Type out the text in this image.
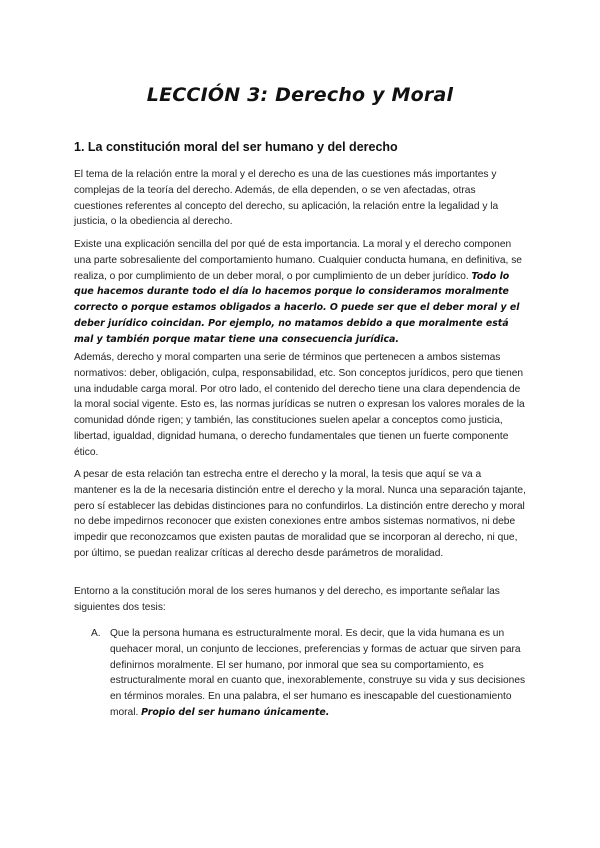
LECCIÓN 3: Derecho y Moral
1. La constitución moral del ser humano y del derecho

El tema de la relación entre la moral y el derecho es una de las cuestiones más importantes y complejas de la teoría del derecho. Además, de ella dependen, o se ven afectadas, otras cuestiones referentes al concepto del derecho, su aplicación, la relación entre la legalidad y la justicia, o la obediencia al derecho.

Existe una explicación sencilla del por qué de esta importancia. La moral y el derecho componen una parte sobresaliente del comportamiento humano. Cualquier conducta humana, en definitiva, se realiza, o por cumplimiento de un deber moral, o por cumplimiento de un deber jurídico. Todo lo que hacemos durante todo el día lo hacemos porque lo consideramos moralmente correcto o porque estamos obligados a hacerlo. O puede ser que el deber moral y el deber jurídico coincidan. Por ejemplo, no matamos debido a que moralmente está mal y también porque matar tiene una consecuencia jurídica.

Además, derecho y moral comparten una serie de términos que pertenecen a ambos sistemas normativos: deber, obligación, culpa, responsabilidad, etc. Son conceptos jurídicos, pero que tienen una indudable carga moral. Por otro lado, el contenido del derecho tiene una clara dependencia de la moral social vigente. Esto es, las normas jurídicas se nutren o expresan los valores morales de la comunidad dónde rigen; y también, las constituciones suelen apelar a conceptos como justicia, libertad, igualdad, dignidad humana, o derecho fundamentales que tienen un fuerte componente ético.

A pesar de esta relación tan estrecha entre el derecho y la moral, la tesis que aquí se va a mantener es la de la necesaria distinción entre el derecho y la moral. Nunca una separación tajante, pero sí establecer las debidas distinciones para no confundirlos. La distinción entre derecho y moral no debe impedirnos reconocer que existen conexiones entre ambos sistemas normativos, ni debe impedir que reconozcamos que existen pautas de moralidad que se incorporan al derecho, ni que, por último, se puedan realizar críticas al derecho desde parámetros de moralidad.

Entorno a la constitución moral de los seres humanos y del derecho, es importante señalar las siguientes dos tesis:

A. Que la persona humana es estructuralmente moral. Es decir, que la vida humana es un quehacer moral, un conjunto de lecciones, preferencias y formas de actuar que sirven para definirnos moralmente. El ser humano, por inmoral que sea su comportamiento, es estructuralmente moral en cuanto que, inexorablemente, construye su vida y sus decisiones en términos morales. En una palabra, el ser humano es inescapable del cuestionamiento moral. Propio del ser humano únicamente.
